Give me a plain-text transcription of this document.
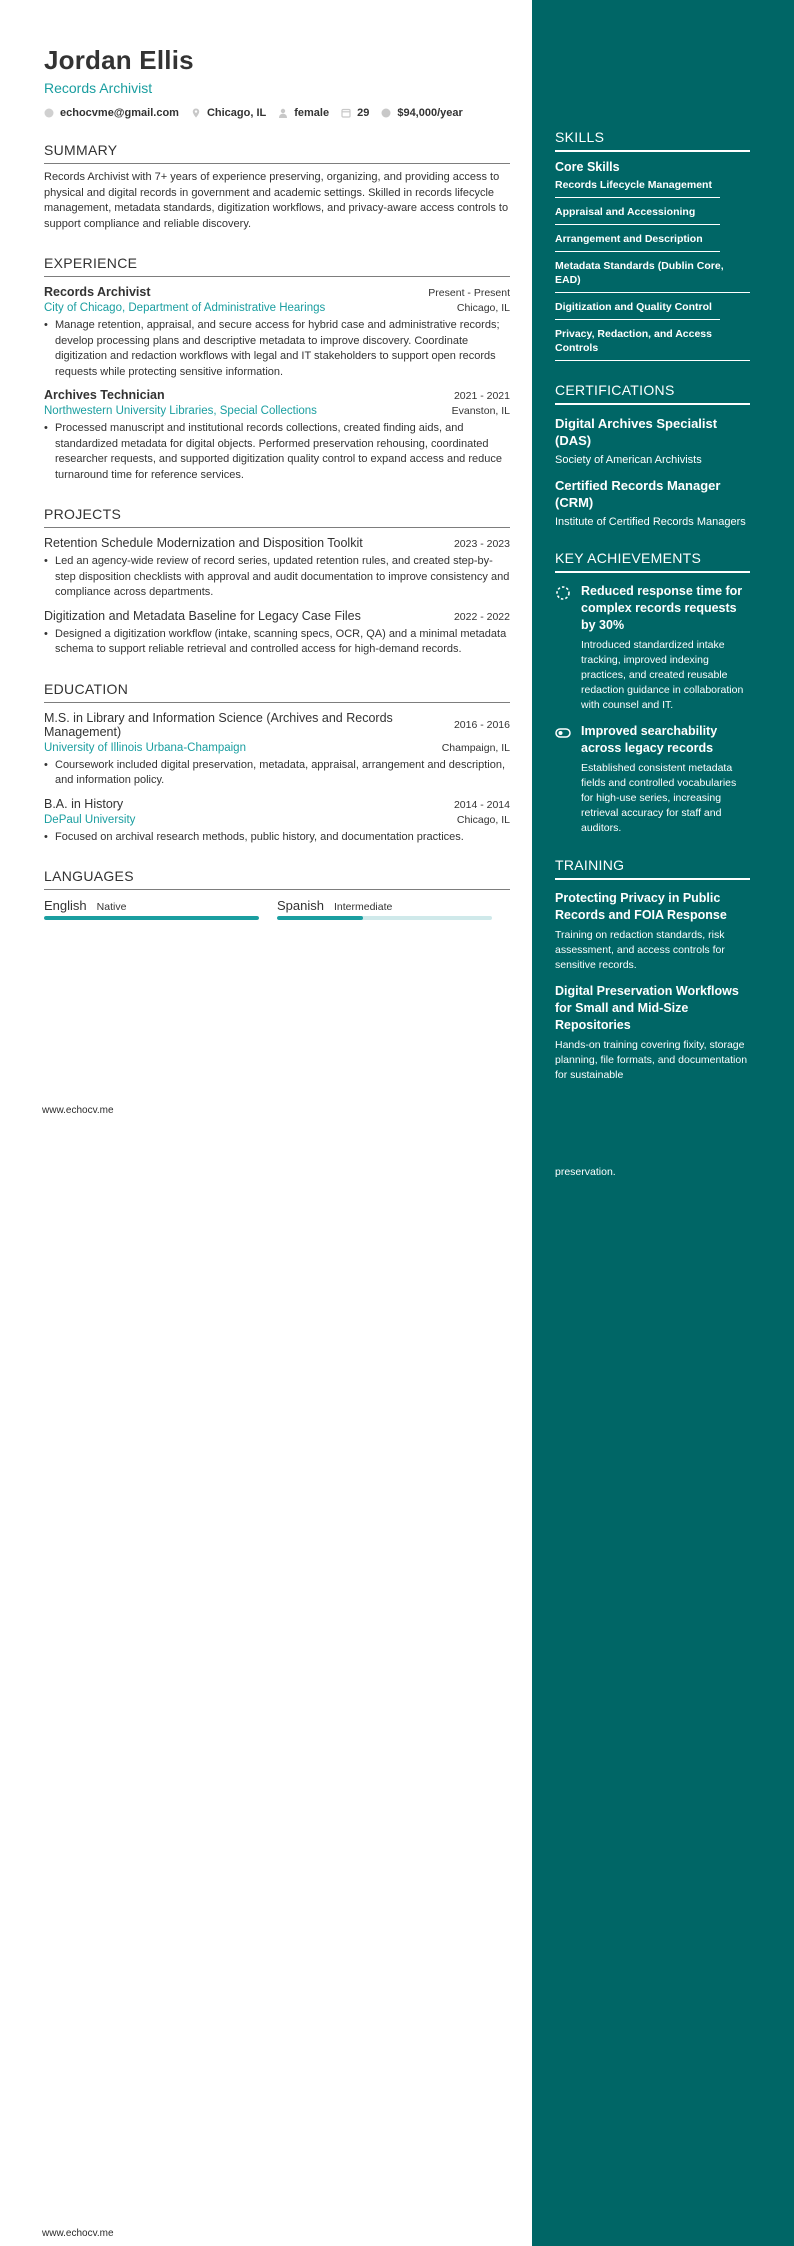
Jordan Ellis
Records Archivist
echocvme@gmail.com	Chicago, IL	female	29	$94,000/year
SUMMARY
Records Archivist with 7+ years of experience preserving, organizing, and providing access to physical and digital records in government and academic settings. Skilled in records lifecycle management, metadata standards, digitization workflows, and privacy-aware access controls to support compliance and reliable discovery.
EXPERIENCE
Records Archivist	Present - Present
City of Chicago, Department of Administrative Hearings	Chicago, IL
• Manage retention, appraisal, and secure access for hybrid case and administrative records; develop processing plans and descriptive metadata to improve discovery. Coordinate digitization and redaction workflows with legal and IT stakeholders to support open records requests while protecting sensitive information.
Archives Technician	2021 - 2021
Northwestern University Libraries, Special Collections	Evanston, IL
• Processed manuscript and institutional records collections, created finding aids, and standardized metadata for digital objects. Performed preservation rehousing, coordinated researcher requests, and supported digitization quality control to expand access and reduce turnaround time for reference services.
PROJECTS
Retention Schedule Modernization and Disposition Toolkit	2023 - 2023
• Led an agency-wide review of record series, updated retention rules, and created step-by-step disposition checklists with approval and audit documentation to improve consistency and compliance across departments.
Digitization and Metadata Baseline for Legacy Case Files	2022 - 2022
• Designed a digitization workflow (intake, scanning specs, OCR, QA) and a minimal metadata schema to support reliable retrieval and controlled access for high-demand records.
EDUCATION
M.S. in Library and Information Science (Archives and Records Management)	2016 - 2016
University of Illinois Urbana-Champaign	Champaign, IL
• Coursework included digital preservation, metadata, appraisal, arrangement and description, and information policy.
B.A. in History	2014 - 2014
DePaul University	Chicago, IL
• Focused on archival research methods, public history, and documentation practices.
LANGUAGES
English Native	Spanish Intermediate
www.echocv.me
www.echocv.me
SKILLS
Core Skills
Records Lifecycle Management
Appraisal and Accessioning
Arrangement and Description
Metadata Standards (Dublin Core, EAD)
Digitization and Quality Control
Privacy, Redaction, and Access Controls
CERTIFICATIONS
Digital Archives Specialist (DAS)
Society of American Archivists
Certified Records Manager (CRM)
Institute of Certified Records Managers
KEY ACHIEVEMENTS
Reduced response time for complex records requests by 30%
Introduced standardized intake tracking, improved indexing practices, and created reusable redaction guidance in collaboration with counsel and IT.
Improved searchability across legacy records
Established consistent metadata fields and controlled vocabularies for high-use series, increasing retrieval accuracy for staff and auditors.
TRAINING
Protecting Privacy in Public Records and FOIA Response
Training on redaction standards, risk assessment, and access controls for sensitive records.
Digital Preservation Workflows for Small and Mid-Size Repositories
Hands-on training covering fixity, storage planning, file formats, and documentation for sustainable
preservation.
